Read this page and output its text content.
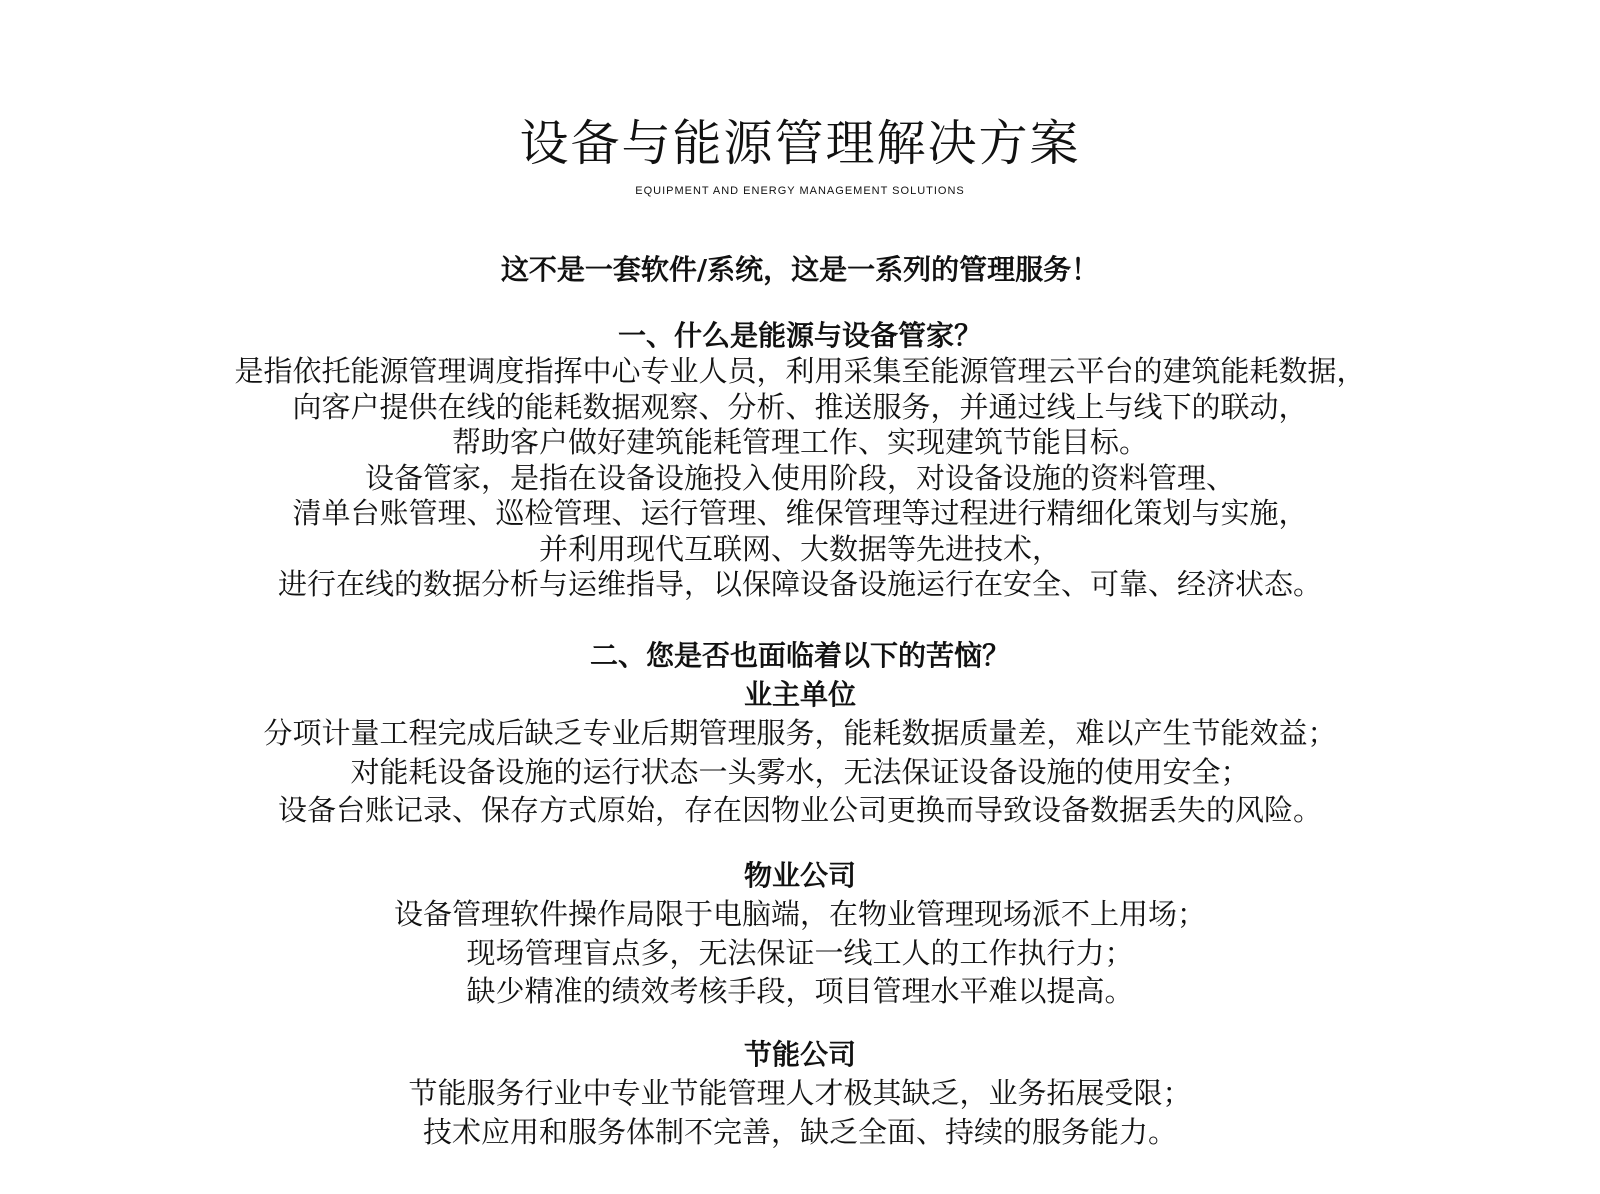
设备与能源管理解决方案

EQUIPMENT AND ENERGY MANAGEMENT SOLUTIONS

这不是一套软件/系统，这是一系列的管理服务！

一、什么是能源与设备管家？

是指依托能源管理调度指挥中心专业人员，利用采集至能源管理云平台的建筑能耗数据，

向客户提供在线的能耗数据观察、分析、推送服务，并通过线上与线下的联动，

帮助客户做好建筑能耗管理工作、实现建筑节能目标。

设备管家，是指在设备设施投入使用阶段，对设备设施的资料管理、

清单台账管理、巡检管理、运行管理、维保管理等过程进行精细化策划与实施，

并利用现代互联网、大数据等先进技术，

进行在线的数据分析与运维指导，以保障设备设施运行在安全、可靠、经济状态。

二、您是否也面临着以下的苦恼？

业主单位

分项计量工程完成后缺乏专业后期管理服务，能耗数据质量差，难以产生节能效益；

对能耗设备设施的运行状态一头雾水，无法保证设备设施的使用安全；

设备台账记录、保存方式原始，存在因物业公司更换而导致设备数据丢失的风险。

物业公司

设备管理软件操作局限于电脑端，在物业管理现场派不上用场；

现场管理盲点多，无法保证一线工人的工作执行力；

缺少精准的绩效考核手段，项目管理水平难以提高。

节能公司

节能服务行业中专业节能管理人才极其缺乏，业务拓展受限；

技术应用和服务体制不完善，缺乏全面、持续的服务能力。
